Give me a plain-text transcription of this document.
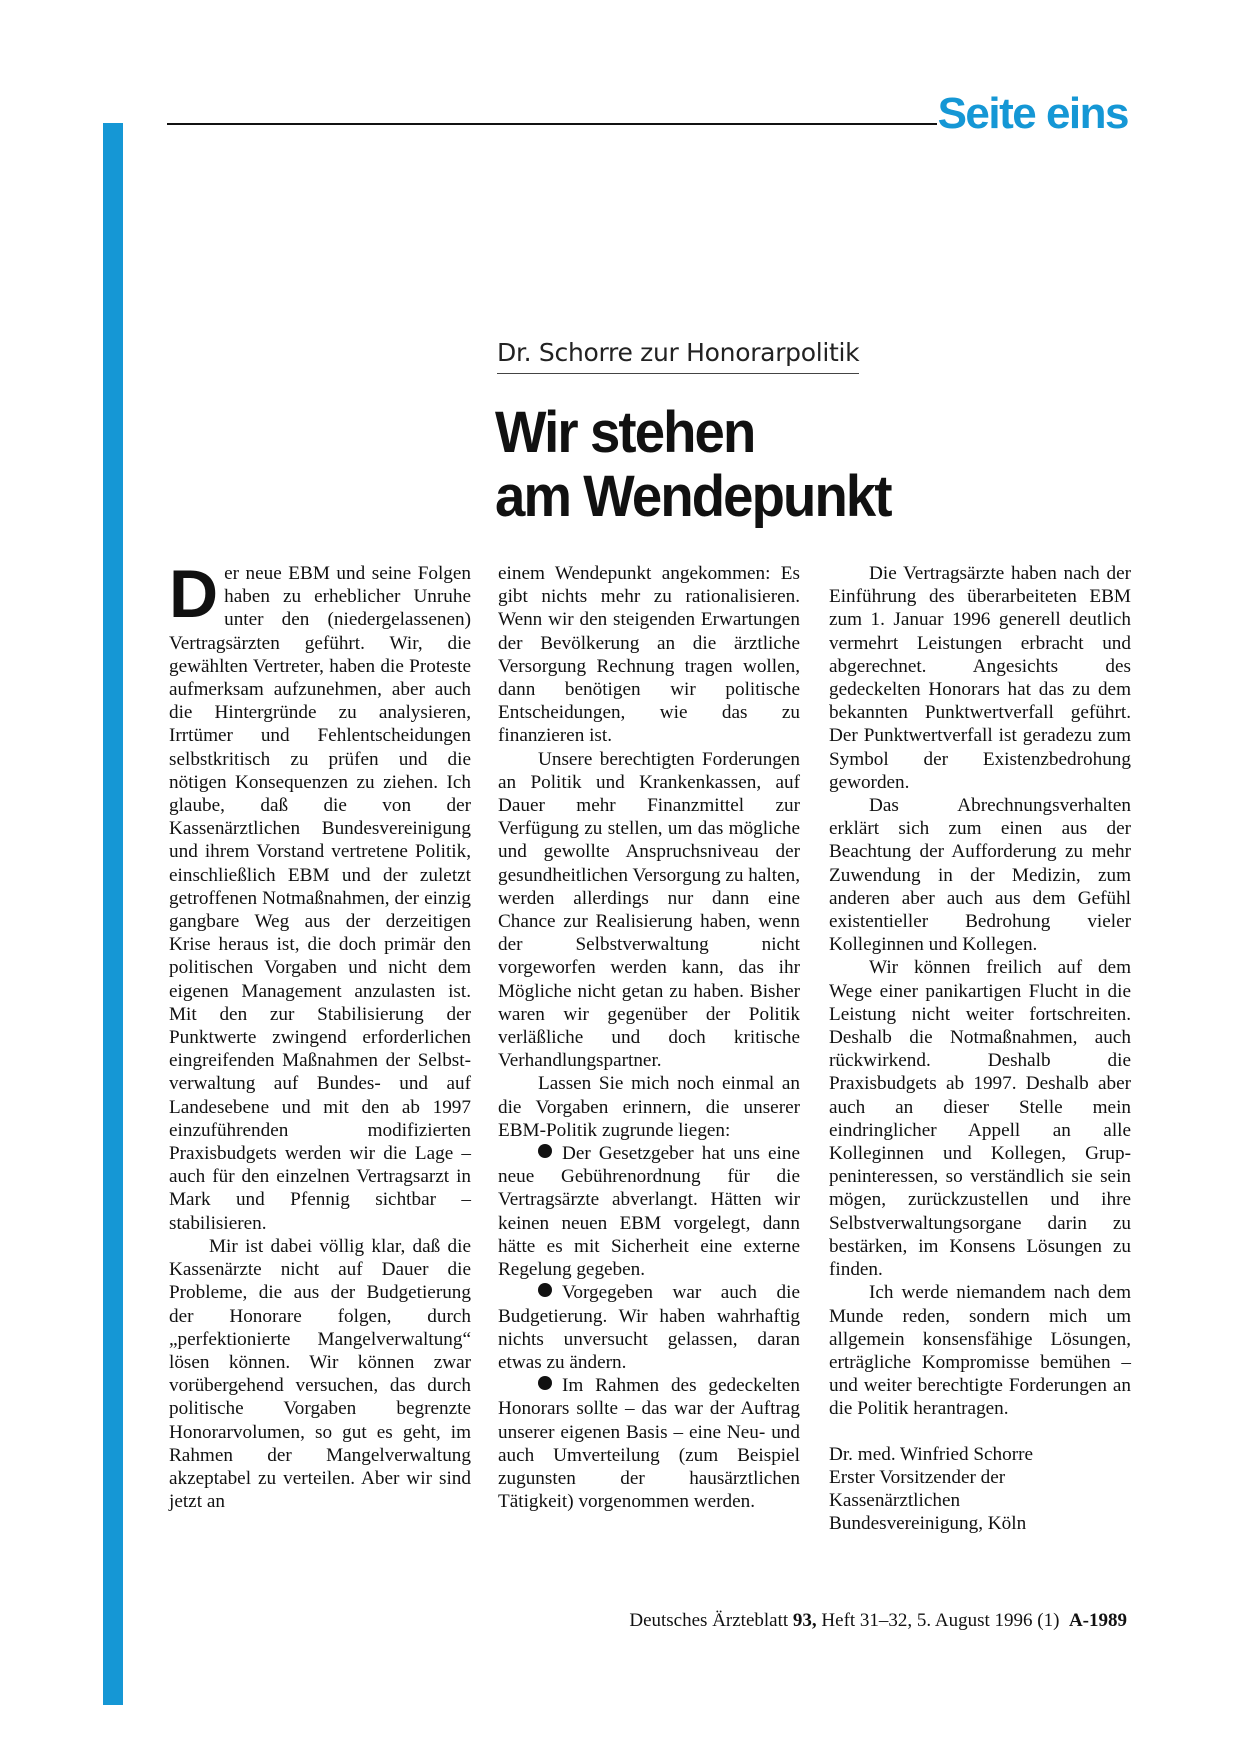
Seite eins
Dr. Schorre zur Honorarpolitik
Wir stehen
am Wendepunkt

Der neue EBM und seine Folgen haben zu erheblicher Unruhe unter den (niedergelassenen) Vertragsärzten geführt. Wir, die gewählten Vertreter, haben die Proteste aufmerksam aufzunehmen, aber auch die Hintergründe zu analysieren, Irrtümer und Fehlentscheidungen selbstkritisch zu prüfen und die nötigen Konsequenzen zu ziehen. Ich glaube, daß die von der Kassenärztlichen Bundesvereinigung und ihrem Vorstand vertretene Politik, einschließlich EBM und der zuletzt getroffenen Notmaßnahmen, der einzig gangbare Weg aus der derzeitigen Krise heraus ist, die doch primär den politischen Vorgaben und nicht dem eigenen Management anzulasten ist. Mit den zur Stabilisierung der Punktwerte zwingend erforderlichen eingreifenden Maßnahmen der Selbstverwaltung auf Bundes- und auf Landesebene und mit den ab 1997 einzuführenden modifizierten Praxisbudgets werden wir die Lage – auch für den einzelnen Vertragsarzt in Mark und Pfennig sichtbar – stabilisieren.

Mir ist dabei völlig klar, daß die Kassenärzte nicht auf Dauer die Probleme, die aus der Budgetierung der Honorare folgen, durch „perfektionierte Mangelverwaltung“ lösen können. Wir können zwar vorübergehend versuchen, das durch politische Vorgaben begrenzte Honorarvolumen, so gut es geht, im Rahmen der Mangelverwaltung akzeptabel zu verteilen. Aber wir sind jetzt an

einem Wendepunkt angekommen: Es gibt nichts mehr zu rationalisieren. Wenn wir den steigenden Erwartungen der Bevölkerung an die ärztliche Versorgung Rechnung tragen wollen, dann benötigen wir politische Entscheidungen, wie das zu finanzieren ist.

Unsere berechtigten Forderungen an Politik und Krankenkassen, auf Dauer mehr Finanzmittel zur Verfügung zu stellen, um das mögliche und gewollte Anspruchsniveau der gesundheitlichen Versorgung zu halten, werden allerdings nur dann eine Chance zur Realisierung haben, wenn der Selbstverwaltung nicht vorgeworfen werden kann, das ihr Mögliche nicht getan zu haben. Bisher waren wir gegenüber der Politik verläßliche und doch kritische Verhandlungspartner.

Lassen Sie mich noch einmal an die Vorgaben erinnern, die unserer EBM-Politik zugrunde liegen:

Der Gesetzgeber hat uns eine neue Gebührenordnung für die Vertragsärzte abverlangt. Hätten wir keinen neuen EBM vorgelegt, dann hätte es mit Sicherheit eine externe Regelung gegeben.

Vorgegeben war auch die Budgetierung. Wir haben wahrhaftig nichts unversucht gelassen, daran etwas zu ändern.

Im Rahmen des gedeckelten Honorars sollte – das war der Auftrag unserer eigenen Basis – eine Neu- und auch Umverteilung (zum Beispiel zugunsten der hausärztlichen Tätigkeit) vorgenommen werden.

Die Vertragsärzte haben nach der Einführung des überarbeiteten EBM zum 1. Januar 1996 generell deutlich vermehrt Leistungen erbracht und abgerechnet. Angesichts des gedeckelten Honorars hat das zu dem bekannten Punktwertverfall geführt. Der Punktwertverfall ist geradezu zum Symbol der Existenzbedrohung geworden.

Das Abrechnungsverhalten erklärt sich zum einen aus der Beachtung der Aufforderung zu mehr Zuwendung in der Medizin, zum anderen aber auch aus dem Gefühl existentieller Bedrohung vieler Kolleginnen und Kollegen.

Wir können freilich auf dem Wege einer panikartigen Flucht in die Leistung nicht weiter fortschreiten. Deshalb die Notmaßnahmen, auch rückwirkend. Deshalb die Praxisbudgets ab 1997. Deshalb aber auch an dieser Stelle mein eindringlicher Appell an alle Kolleginnen und Kollegen, Gruppeninteressen, so verständlich sie sein mögen, zurückzustellen und ihre Selbstverwaltungsorgane darin zu bestärken, im Konsens Lösungen zu finden.

Ich werde niemandem nach dem Munde reden, sondern mich um allgemein konsensfähige Lösungen, erträgliche Kompromisse bemühen – und weiter berechtigte Forderungen an die Politik herantragen.

Dr. med. Winfried Schorre
Erster Vorsitzender der
Kassenärztlichen
Bundesvereinigung, Köln
Deutsches Ärzteblatt 93, Heft 31–32, 5. August 1996 (1) A-1989
